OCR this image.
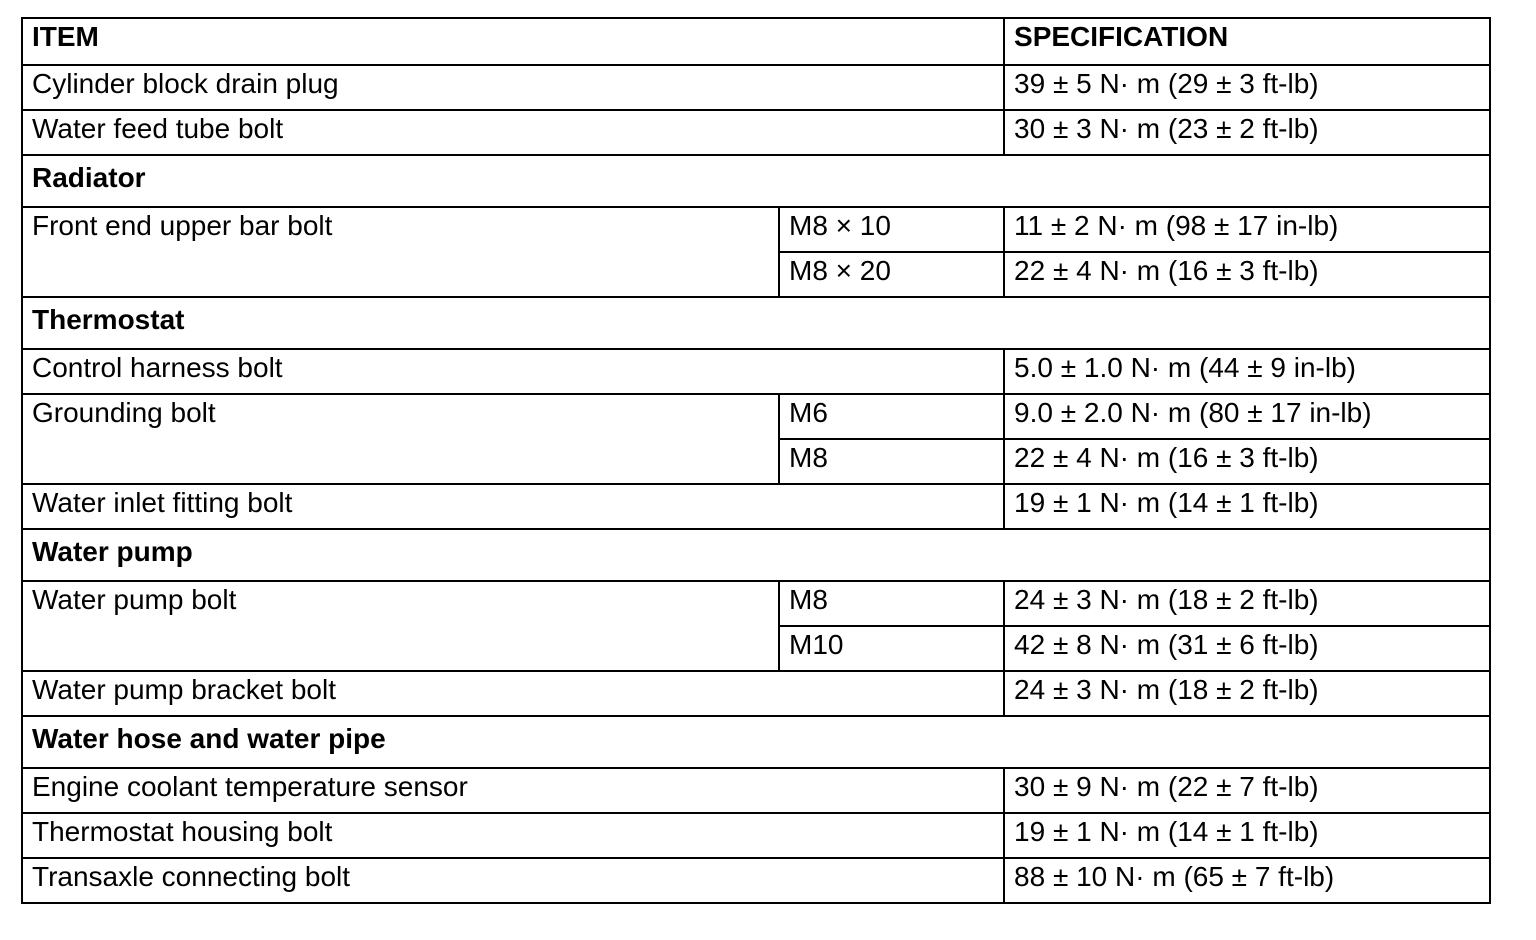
ITEM		SPECIFICATION
Cylinder block drain plug		39 ± 5 N· m (29 ± 3 ft-lb)
Water feed tube bolt		30 ± 3 N· m (23 ± 2 ft-lb)
Radiator		
Front end upper bar bolt	M8 × 10	11 ± 2 N· m (98 ± 17 in-lb)
	M8 × 20	22 ± 4 N· m (16 ± 3 ft-lb)
Thermostat		
Control harness bolt		5.0 ± 1.0 N· m (44 ± 9 in-lb)
Grounding bolt	M6	9.0 ± 2.0 N· m (80 ± 17 in-lb)
	M8	22 ± 4 N· m (16 ± 3 ft-lb)
Water inlet fitting bolt		19 ± 1 N· m (14 ± 1 ft-lb)
Water pump		
Water pump bolt	M8	24 ± 3 N· m (18 ± 2 ft-lb)
	M10	42 ± 8 N· m (31 ± 6 ft-lb)
Water pump bracket bolt		24 ± 3 N· m (18 ± 2 ft-lb)
Water hose and water pipe		
Engine coolant temperature sensor		30 ± 9 N· m (22 ± 7 ft-lb)
Thermostat housing bolt		19 ± 1 N· m (14 ± 1 ft-lb)
Transaxle connecting bolt		88 ± 10 N· m (65 ± 7 ft-lb)
